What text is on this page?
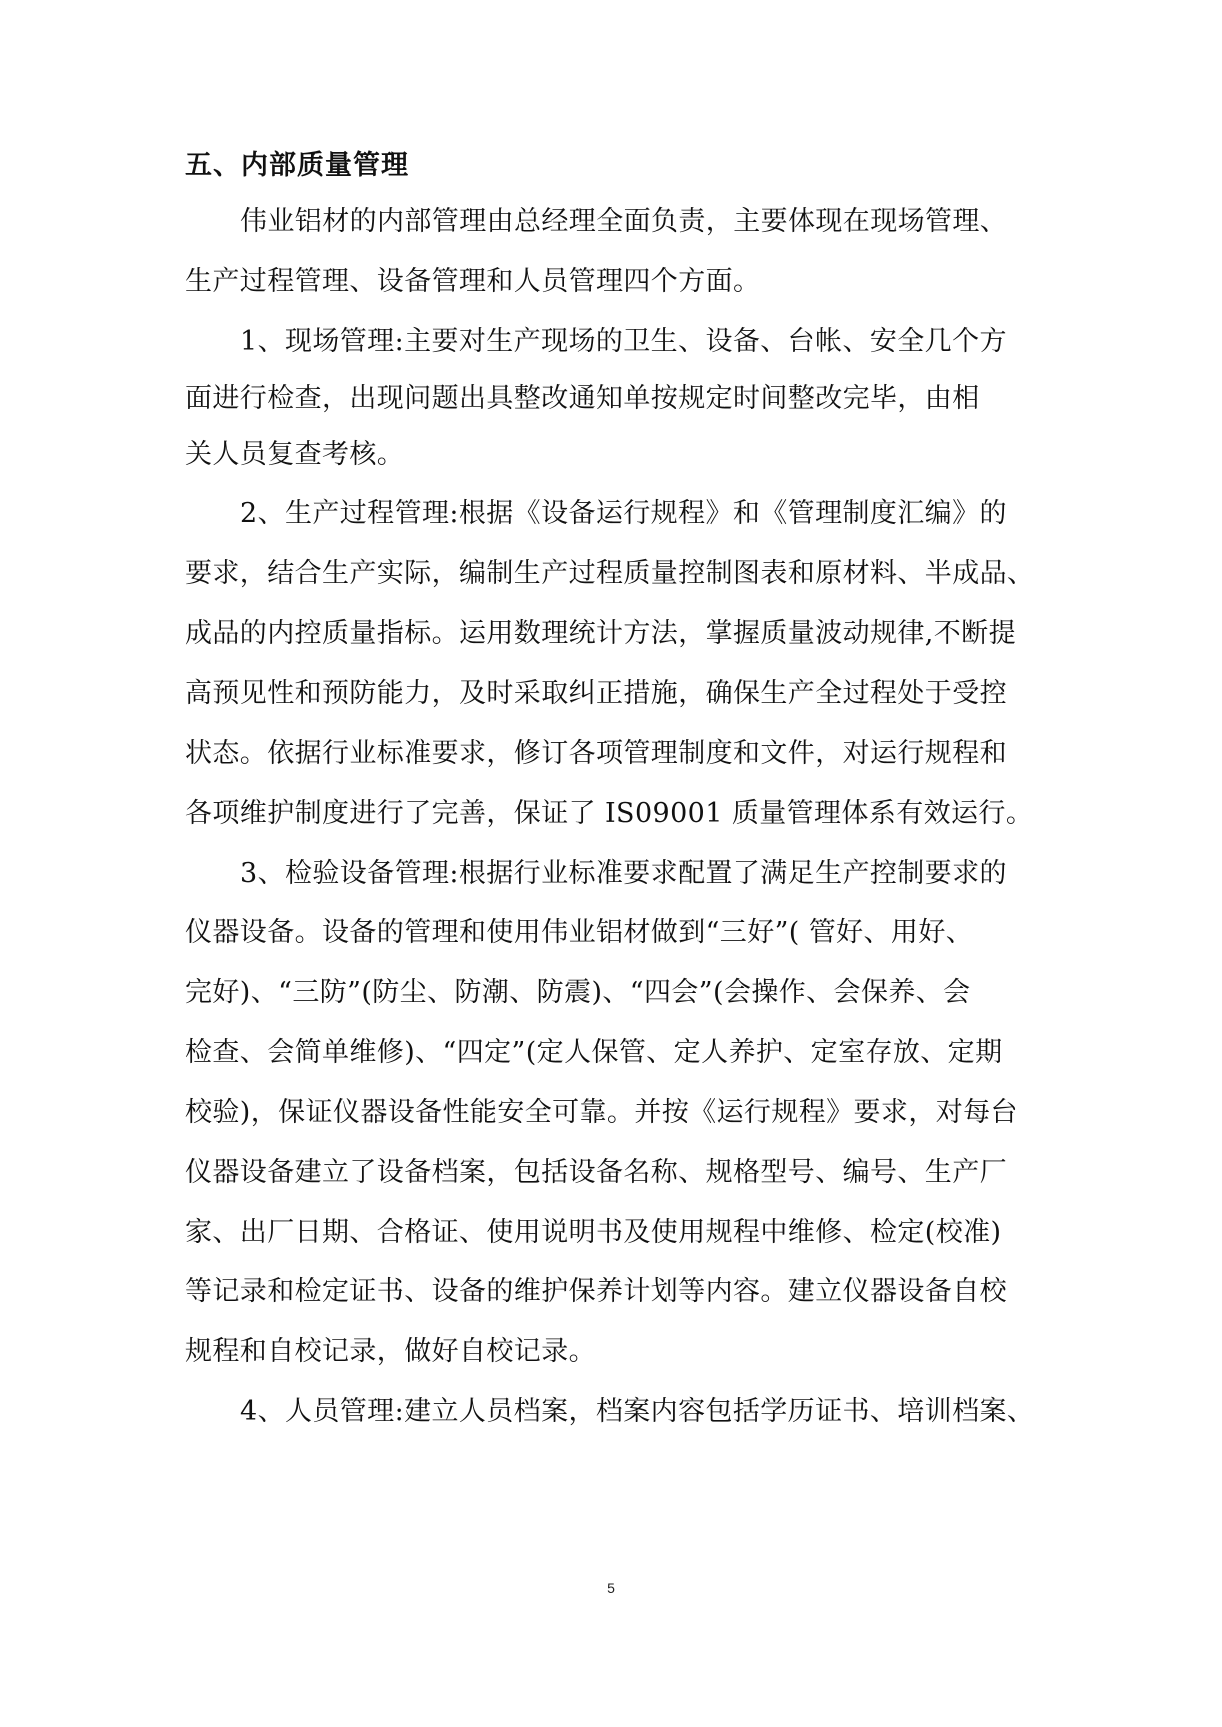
五、内部质量管理
伟业铝材的内部管理由总经理全面负责，主要体现在现场管理、
生产过程管理、设备管理和人员管理四个方面。
1、现场管理:主要对生产现场的卫生、设备、台帐、安全几个方
面进行检查，出现问题出具整改通知单按规定时间整改完毕，由相
关人员复查考核。
2、生产过程管理:根据《设备运行规程》和《管理制度汇编》的
要求，结合生产实际，编制生产过程质量控制图表和原材料、半成品、
成品的内控质量指标。运用数理统计方法，掌握质量波动规律,不断提
高预见性和预防能力，及时采取纠正措施，确保生产全过程处于受控
状态。依据行业标准要求，修订各项管理制度和文件，对运行规程和
各项维护制度进行了完善，保证了 IS09001 质量管理体系有效运行。
3、检验设备管理:根据行业标准要求配置了满足生产控制要求的
仪器设备。设备的管理和使用伟业铝材做到“三好”( 管好、用好、
完好)、“三防”(防尘、防潮、防震)、“四会”(会操作、会保养、会
检查、会简单维修)、“四定”(定人保管、定人养护、定室存放、定期
校验)，保证仪器设备性能安全可靠。并按《运行规程》要求，对每台
仪器设备建立了设备档案，包括设备名称、规格型号、编号、生产厂
家、出厂日期、合格证、使用说明书及使用规程中维修、检定(校准)
等记录和检定证书、设备的维护保养计划等内容。建立仪器设备自校
规程和自校记录，做好自校记录。
4、人员管理:建立人员档案，档案内容包括学历证书、培训档案、
5
